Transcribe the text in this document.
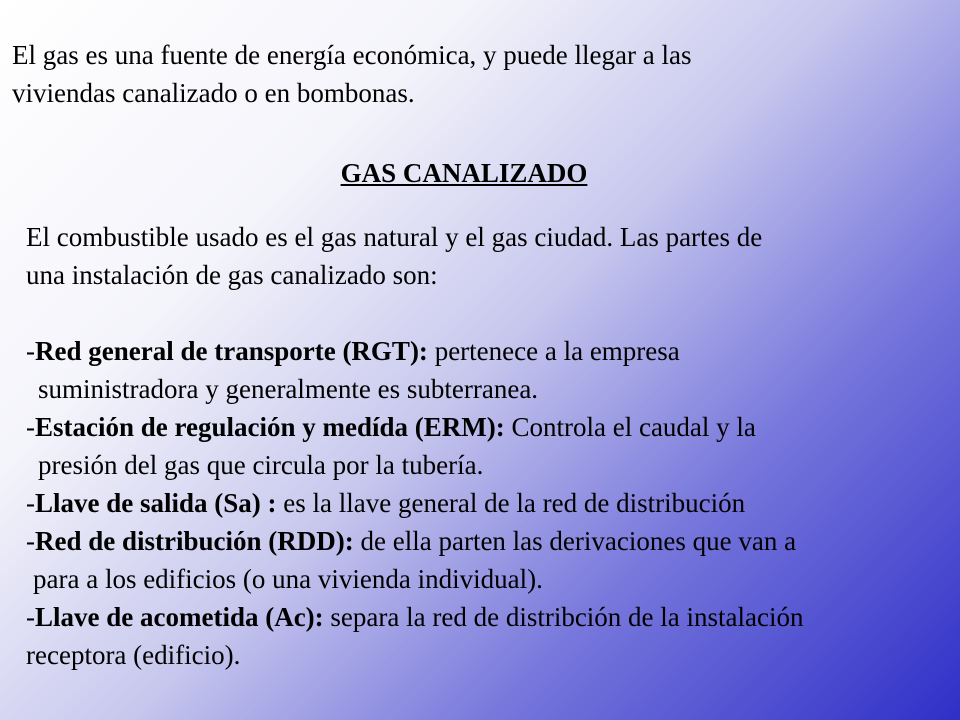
El gas es una fuente de energía económica, y puede llegar a las
viviendas canalizado o en bombonas.

GAS CANALIZADO

El combustible usado es el gas natural y el gas ciudad. Las partes de
una instalación de gas canalizado son:

-Red general de transporte (RGT): pertenece a la empresa
suministradora y generalmente es subterranea.

-Estación de regulación y medída (ERM): Controla el caudal y la
presión del gas que circula por la tubería.

-Llave de salida (Sa) : es la llave general de la red de distribución

-Red de distribución (RDD): de ella parten las derivaciones que van a
para a los edificios (o una vivienda individual).

-Llave de acometida (Ac): separa la red de distribción de la instalación
receptora (edificio).
